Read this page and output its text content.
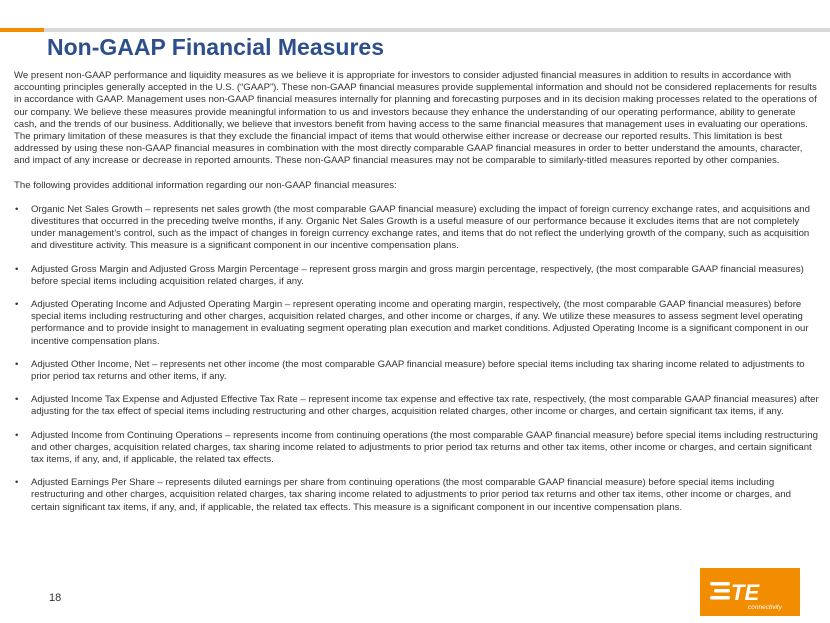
Non-GAAP Financial Measures

We present non-GAAP performance and liquidity measures as we believe it is appropriate for investors to consider adjusted financial measures in addition to results in accordance with accounting principles generally accepted in the U.S. (“GAAP”). These non-GAAP financial measures provide supplemental information and should not be considered replacements for results in accordance with GAAP. Management uses non-GAAP financial measures internally for planning and forecasting purposes and in its decision making processes related to the operations of our company. We believe these measures provide meaningful information to us and investors because they enhance the understanding of our operating performance, ability to generate cash, and the trends of our business. Additionally, we believe that investors benefit from having access to the same financial measures that management uses in evaluating our operations. The primary limitation of these measures is that they exclude the financial impact of items that would otherwise either increase or decrease our reported results. This limitation is best addressed by using these non-GAAP financial measures in combination with the most directly comparable GAAP financial measures in order to better understand the amounts, character, and impact of any increase or decrease in reported amounts. These non-GAAP financial measures may not be comparable to similarly-titled measures reported by other companies.

The following provides additional information regarding our non-GAAP financial measures:

• Organic Net Sales Growth – represents net sales growth (the most comparable GAAP financial measure) excluding the impact of foreign currency exchange rates, and acquisitions and divestitures that occurred in the preceding twelve months, if any. Organic Net Sales Growth is a useful measure of our performance because it excludes items that are not completely under management’s control, such as the impact of changes in foreign currency exchange rates, and items that do not reflect the underlying growth of the company, such as acquisition and divestiture activity. This measure is a significant component in our incentive compensation plans.
• Adjusted Gross Margin and Adjusted Gross Margin Percentage – represent gross margin and gross margin percentage, respectively, (the most comparable GAAP financial measures) before special items including acquisition related charges, if any.
• Adjusted Operating Income and Adjusted Operating Margin – represent operating income and operating margin, respectively, (the most comparable GAAP financial measures) before special items including restructuring and other charges, acquisition related charges, and other income or charges, if any. We utilize these measures to assess segment level operating performance and to provide insight to management in evaluating segment operating plan execution and market conditions. Adjusted Operating Income is a significant component in our incentive compensation plans.
• Adjusted Other Income, Net – represents net other income (the most comparable GAAP financial measure) before special items including tax sharing income related to adjustments to prior period tax returns and other items, if any.
• Adjusted Income Tax Expense and Adjusted Effective Tax Rate – represent income tax expense and effective tax rate, respectively, (the most comparable GAAP financial measures) after adjusting for the tax effect of special items including restructuring and other charges, acquisition related charges, other income or charges, and certain significant tax items, if any.
• Adjusted Income from Continuing Operations – represents income from continuing operations (the most comparable GAAP financial measure) before special items including restructuring and other charges, acquisition related charges, tax sharing income related to adjustments to prior period tax returns and other tax items, other income or charges, and certain significant tax items, if any, and, if applicable, the related tax effects.
• Adjusted Earnings Per Share – represents diluted earnings per share from continuing operations (the most comparable GAAP financial measure) before special items including restructuring and other charges, acquisition related charges, tax sharing income related to adjustments to prior period tax returns and other tax items, other income or charges, and certain significant tax items, if any, and, if applicable, the related tax effects. This measure is a significant component in our incentive compensation plans.
18	TE
connectivity
